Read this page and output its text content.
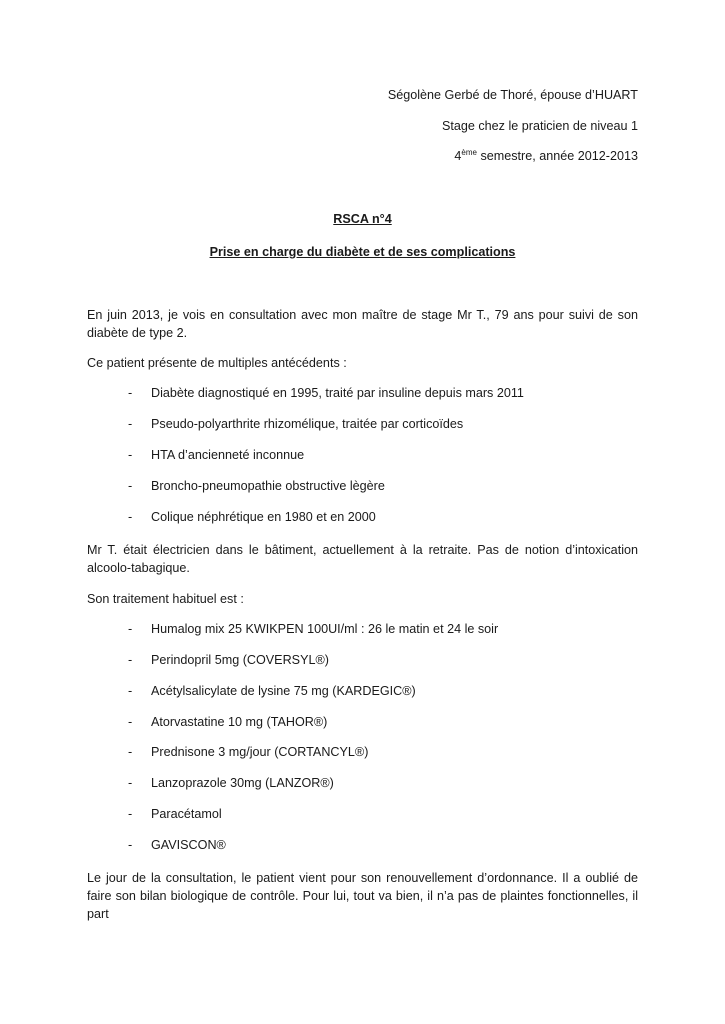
Ségolène Gerbé de Thoré, épouse d’HUART
Stage chez le praticien de niveau 1
4ème semestre, année 2012-2013
RSCA n°4
Prise en charge du diabète et de ses complications
En juin 2013, je vois en consultation avec mon maître de stage Mr T., 79 ans pour suivi de son diabète de type 2.
Ce patient présente de multiples antécédents :
- Diabète diagnostiqué en 1995, traité par insuline depuis mars 2011
- Pseudo-polyarthrite rhizomélique, traitée par corticoïdes
- HTA d’ancienneté inconnue
- Broncho-pneumopathie obstructive lègère
- Colique néphrétique en 1980 et en 2000
Mr T. était électricien dans le bâtiment, actuellement à la retraite. Pas de notion d’intoxication alcoolo-tabagique.
Son traitement habituel est :
- Humalog mix 25 KWIKPEN 100UI/ml : 26 le matin et 24 le soir
- Perindopril 5mg (COVERSYL®)
- Acétylsalicylate de lysine 75 mg (KARDEGIC®)
- Atorvastatine 10 mg (TAHOR®)
- Prednisone 3 mg/jour (CORTANCYL®)
- Lanzoprazole 30mg (LANZOR®)
- Paracétamol
- GAVISCON®
Le jour de la consultation, le patient vient pour son renouvellement d’ordonnance. Il a oublié de faire son bilan biologique de contrôle. Pour lui, tout va bien, il n’a pas de plaintes fonctionnelles, il part
